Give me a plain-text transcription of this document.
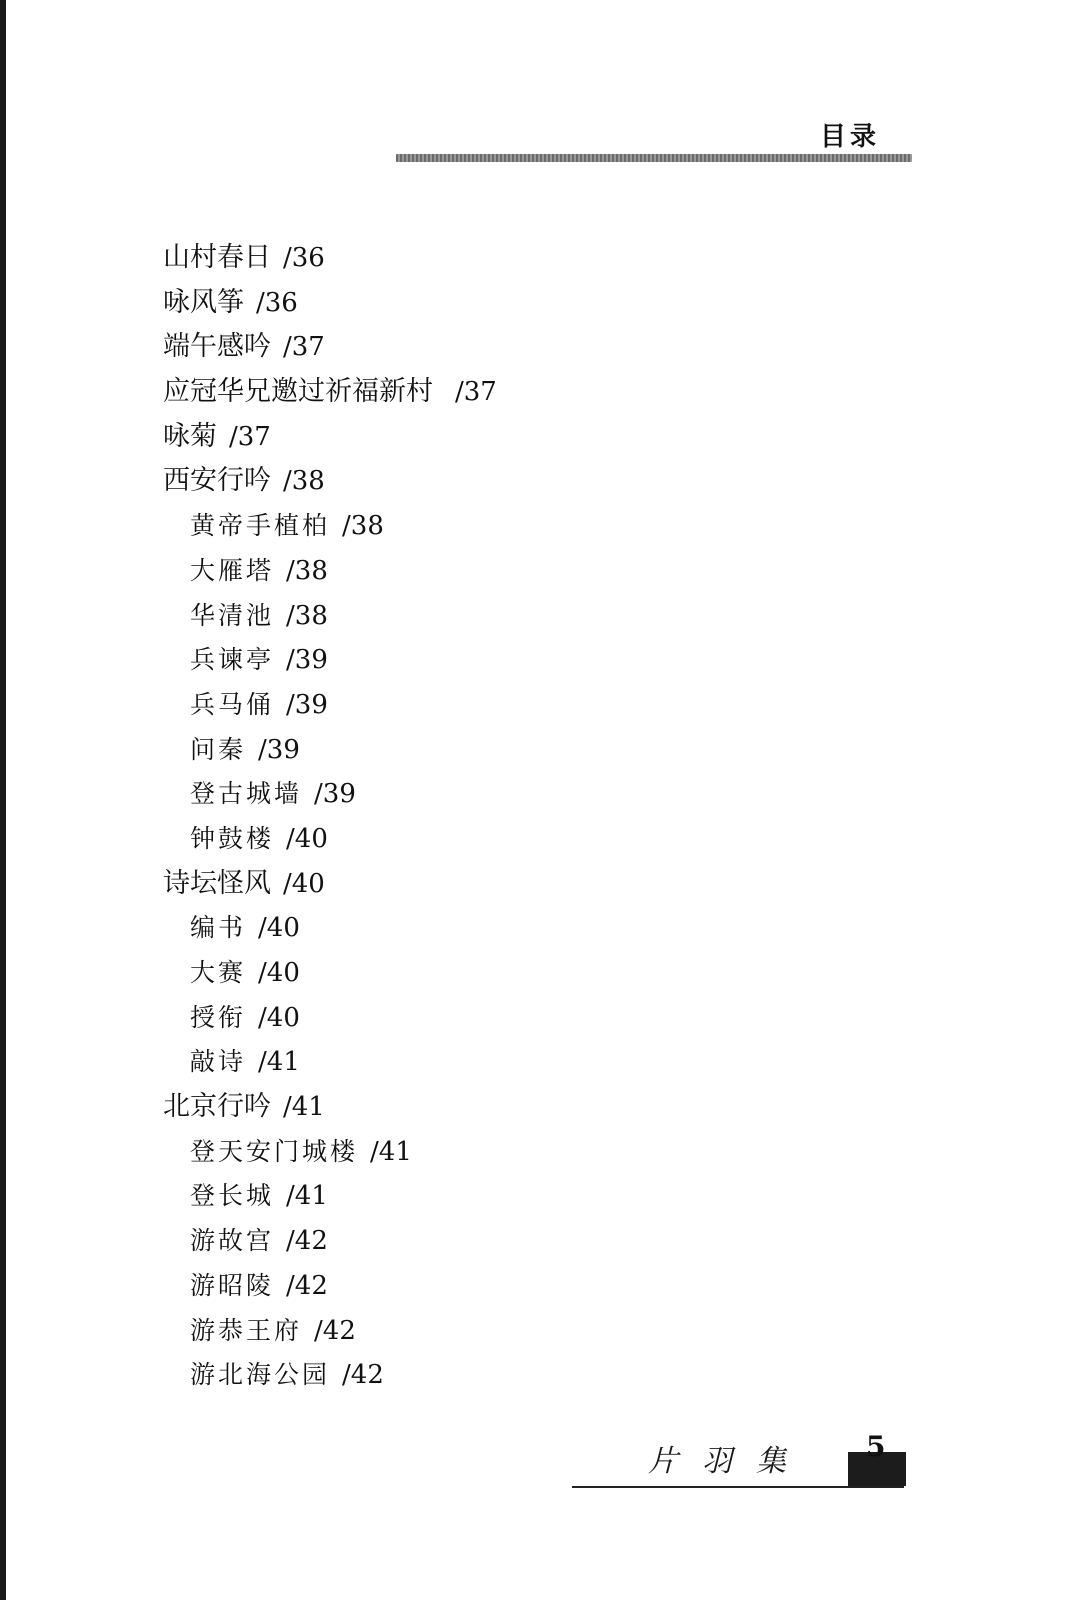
目录
山村春日 /36
咏风筝 /36
端午感吟 /37
应冠华兄邀过祈福新村 /37
咏菊 /37
西安行吟 /38
黄帝手植柏 /38
大雁塔 /38
华清池 /38
兵谏亭 /39
兵马俑 /39
问秦 /39
登古城墙 /39
钟鼓楼 /40
诗坛怪风 /40
编书 /40
大赛 /40
授衔 /40
敲诗 /41
北京行吟 /41
登天安门城楼 /41
登长城 /41
游故宫 /42
游昭陵 /42
游恭王府 /42
游北海公园 /42
片羽集 5
